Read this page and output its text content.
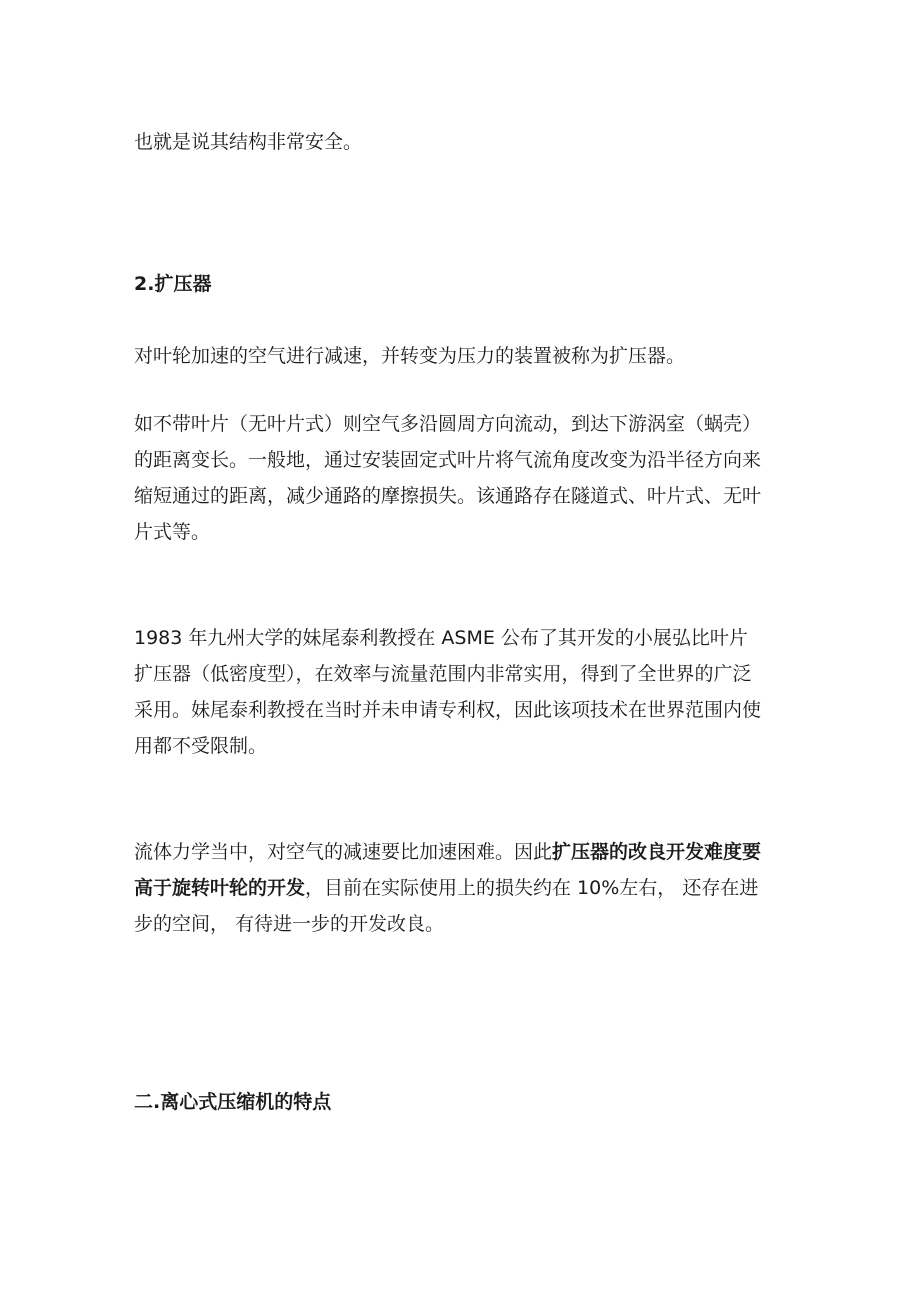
也就是说其结构非常安全。

2.扩压器

对叶轮加速的空气进行减速，并转变为压力的装置被称为扩压器。

如不带叶片（无叶片式）则空气多沿圆周方向流动，到达下游涡室（蜗壳）
的距离变长。一般地，通过安装固定式叶片将气流角度改变为沿半径方向来
缩短通过的距离，减少通路的摩擦损失。该通路存在隧道式、叶片式、无叶
片式等。
1983 年九州大学的妹尾泰利教授在 ASME 公布了其开发的小展弘比叶片
扩压器（低密度型），在效率与流量范围内非常实用，得到了全世界的广泛
采用。妹尾泰利教授在当时并未申请专利权，因此该项技术在世界范围内使
用都不受限制。
流体力学当中，对空气的减速要比加速困难。因此扩压器的改良开发难度要
高于旋转叶轮的开发，目前在实际使用上的损失约在 10%左右， 还存在进
步的空间， 有待进一步的开发改良。

二.离心式压缩机的特点
